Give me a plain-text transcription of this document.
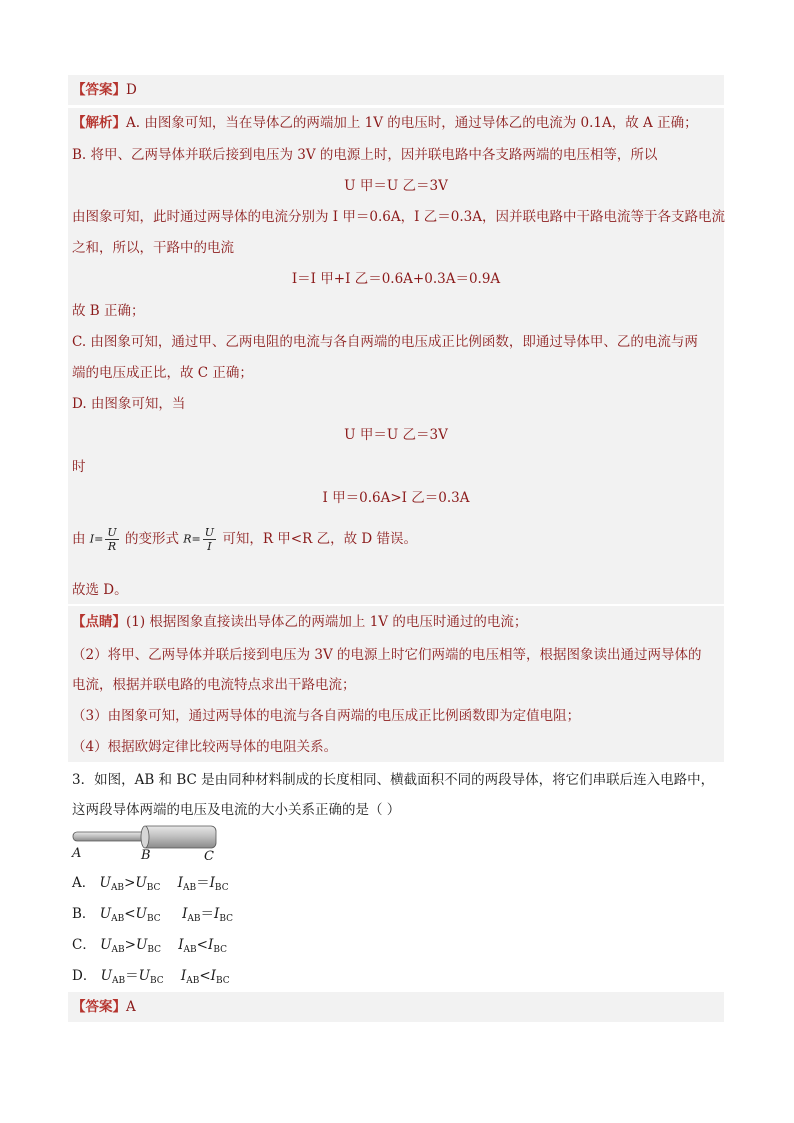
【答案】D
【解析】A. 由图象可知，当在导体乙的两端加上 1V 的电压时，通过导体乙的电流为 0.1A，故 A 正确；
B. 将甲、乙两导体并联后接到电压为 3V 的电源上时，因并联电路中各支路两端的电压相等，所以
U 甲＝U 乙＝3V
由图象可知，此时通过两导体的电流分别为 I 甲＝0.6A，I 乙＝0.3A，因并联电路中干路电流等于各支路电流
之和，所以，干路中的电流
I＝I 甲+I 乙＝0.6A+0.3A＝0.9A
故 B 正确；
C. 由图象可知，通过甲、乙两电阻的电流与各自两端的电压成正比例函数，即通过导体甲、乙的电流与两
端的电压成正比，故 C 正确；
D. 由图象可知，当
U 甲＝U 乙＝3V
时
I 甲＝0.6A>I 乙＝0.3A
由 $I= \frac{U}{R}$ 的变形式 $R= \frac{U}{I}$ 可知，R 甲<R 乙，故 D 错误。
故选 D。
【点睛】(1) 根据图象直接读出导体乙的两端加上 1V 的电压时通过的电流；
（2）将甲、乙两导体并联后接到电压为 3V 的电源上时它们两端的电压相等，根据图象读出通过两导体的
电流，根据并联电路的电流特点求出干路电流；
（3）由图象可知，通过两导体的电流与各自两端的电压成正比例函数即为定值电阻；
（4）根据欧姆定律比较两导体的电阻关系。
3．如图，AB 和 BC 是由同种材料制成的长度相同、横截面积不同的两段导体，将它们串联后连入电路中，
这两段导体两端的电压及电流的大小关系正确的是（ ）
A	B	C
A． $U_{AB}>U_{BC}$ $I_{AB}=I_{BC}$
B． $U_{AB}<U_{BC}$ $I_{AB}=I_{BC}$
C． $U_{AB}>U_{BC}$ $I_{AB}<I_{BC}$
D． $U_{AB}=U_{BC}$ $I_{AB}<I_{BC}$
【答案】A
